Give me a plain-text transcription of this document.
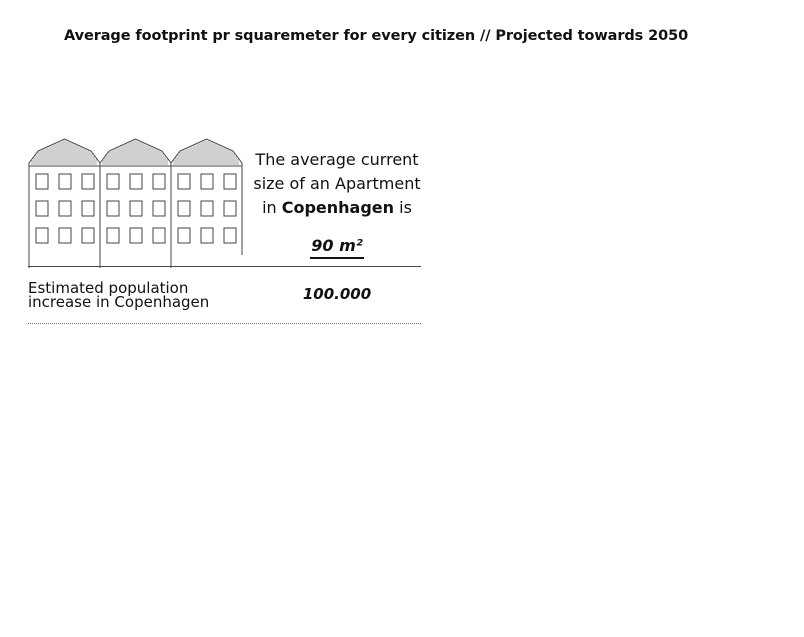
Average footprint pr squaremeter for every citizen // Projected towards 2050
The average current
size of an Apartment
in Copenhagen is
90 m²
Estimated population
increase in Copenhagen	100.000
